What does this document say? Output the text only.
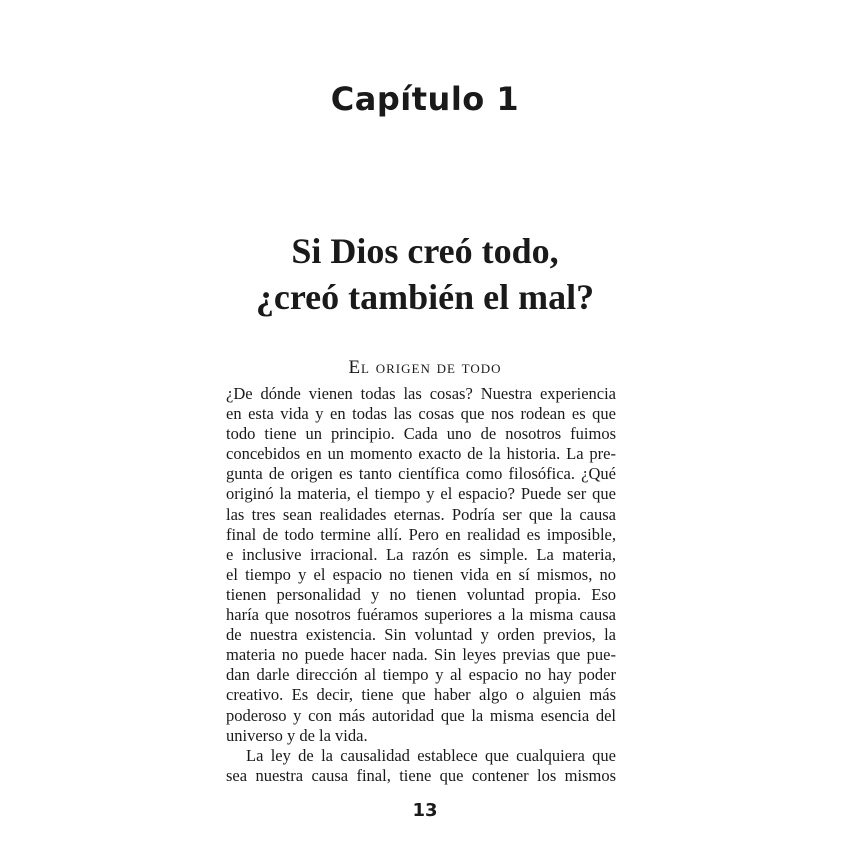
Capítulo 1
Si Dios creó todo,
¿creó también el mal?
El origen de todo
¿De dónde vienen todas las cosas? Nuestra experiencia
en esta vida y en todas las cosas que nos rodean es que
todo tiene un principio. Cada uno de nosotros fuimos
concebidos en un momento exacto de la historia. La pre-
gunta de origen es tanto científica como filosófica. ¿Qué
originó la materia, el tiempo y el espacio? Puede ser que
las tres sean realidades eternas. Podría ser que la causa
final de todo termine allí. Pero en realidad es imposible,
e inclusive irracional. La razón es simple. La materia,
el tiempo y el espacio no tienen vida en sí mismos, no
tienen personalidad y no tienen voluntad propia. Eso
haría que nosotros fuéramos superiores a la misma causa
de nuestra existencia. Sin voluntad y orden previos, la
materia no puede hacer nada. Sin leyes previas que pue-
dan darle dirección al tiempo y al espacio no hay poder
creativo. Es decir, tiene que haber algo o alguien más
poderoso y con más autoridad que la misma esencia del
universo y de la vida.
La ley de la causalidad establece que cualquiera que
sea nuestra causa final, tiene que contener los mismos
13
